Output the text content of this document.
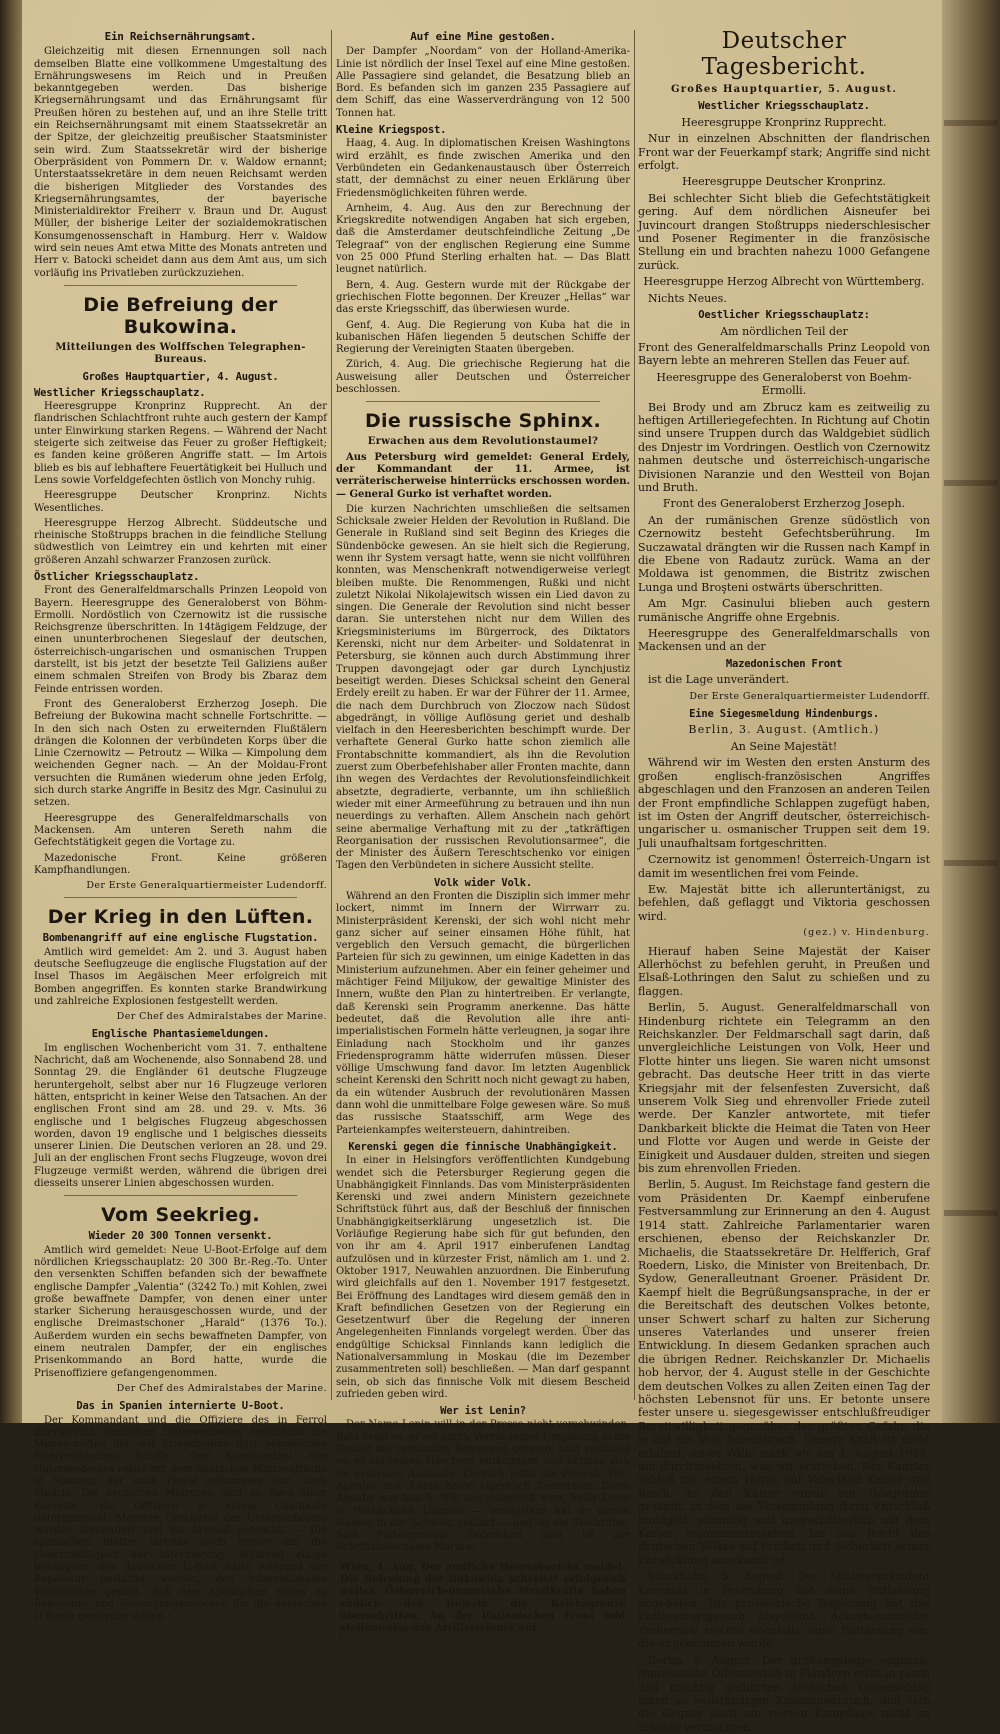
Ein Reichsernährungsamt.

Gleichzeitig mit diesen Ernennungen soll nach demselben Blatte eine vollkommene Umgestaltung des Ernährungswesens im Reich und in Preußen bekanntgegeben werden. Das bisherige Kriegsernährungsamt und das Ernährungsamt für Preußen hören zu bestehen auf, und an ihre Stelle tritt ein Reichsernährungsamt mit einem Staatssekretär an der Spitze, der gleichzeitig preußischer Staatsminister sein wird. Zum Staatssekretär wird der bisherige Oberpräsident von Pommern Dr. v. Waldow ernannt; Unterstaatssekretäre in dem neuen Reichsamt werden die bisherigen Mitglieder des Vorstandes des Kriegsernährungsamtes, der bayerische Ministerialdirektor Freiherr v. Braun und Dr. August Müller, der bisherige Leiter der sozialdemokratischen Konsumgenossenschaft in Hamburg. Herr v. Waldow wird sein neues Amt etwa Mitte des Monats antreten und Herr v. Batocki scheidet dann aus dem Amt aus, um sich vorläufig ins Privatleben zurückzuziehen.

Die Befreiung der Bukowina.
Mitteilungen des Wolffschen Telegraphen-Bureaus.
Großes Hauptquartier, 4. August.
Westlicher Kriegsschauplatz.

Heeresgruppe Kronprinz Rupprecht. An der flandrischen Schlachtfront ruhte auch gestern der Kampf unter Einwirkung starken Regens. — Während der Nacht steigerte sich zeitweise das Feuer zu großer Heftigkeit; es fanden keine größeren Angriffe statt. — Im Artois blieb es bis auf lebhaftere Feuertätigkeit bei Hulluch und Lens sowie Vorfeldgefechten östlich von Monchy ruhig.

Heeresgruppe Deutscher Kronprinz. Nichts Wesentliches.

Heeresgruppe Herzog Albrecht. Süddeutsche und rheinische Stoßtrupps brachen in die feindliche Stellung südwestlich von Leimtrey ein und kehrten mit einer größeren Anzahl schwarzer Franzosen zurück.

Östlicher Kriegsschauplatz.

Front des Generalfeldmarschalls Prinzen Leopold von Bayern. Heeresgruppe des Generaloberst von Böhm-Ermolli. Nordöstlich von Czernowitz ist die russische Reichsgrenze überschritten. In 14tägigem Feldzuge, der einen ununterbrochenen Siegeslauf der deutschen, österreichisch-ungarischen und osmanischen Truppen darstellt, ist bis jetzt der besetzte Teil Galiziens außer einem schmalen Streifen von Brody bis Zbaraz dem Feinde entrissen worden.

Front des Generaloberst Erzherzog Joseph. Die Befreiung der Bukowina macht schnelle Fortschritte. — In den sich nach Osten zu erweiternden Flußtälern drängen die Kolonnen der verbündeten Korps über die Linie Czernowitz — Petroutz — Wilka — Kimpolung dem weichenden Gegner nach. — An der Moldau-Front versuchten die Rumänen wiederum ohne jeden Erfolg, sich durch starke Angriffe in Besitz des Mgr. Casinului zu setzen.

Heeresgruppe des Generalfeldmarschalls von Mackensen. Am unteren Sereth nahm die Gefechtstätigkeit gegen die Vortage zu.

Mazedonische Front. Keine größeren Kampfhandlungen.

Der Erste Generalquartiermeister Ludendorff.
Der Krieg in den Lüften.
Bombenangriff auf eine englische Flugstation.

Amtlich wird gemeldet: Am 2. und 3. August haben deutsche Seeflugzeuge die englische Flugstation auf der Insel Thasos im Aegäischen Meer erfolgreich mit Bomben angegriffen. Es konnten starke Brandwirkung und zahlreiche Explosionen festgestellt werden.

Der Chef des Admiralstabes der Marine.
Englische Phantasiemeldungen.

Im englischen Wochenbericht vom 31. 7. enthaltene Nachricht, daß am Wochenende, also Sonnabend 28. und Sonntag 29. die Engländer 61 deutsche Flugzeuge heruntergeholt, selbst aber nur 16 Flugzeuge verloren hätten, entspricht in keiner Weise den Tatsachen. An der englischen Front sind am 28. und 29. v. Mts. 36 englische und 1 belgisches Flugzeug abgeschossen worden, davon 19 englische und 1 belgisches diesseits unserer Linien. Die Deutschen verloren an 28. und 29. Juli an der englischen Front sechs Flugzeuge, wovon drei Flugzeuge vermißt werden, während die übrigen drei diesseits unserer Linien abgeschossen wurden.

Vom Seekrieg.
Wieder 20 300 Tonnen versenkt.

Amtlich wird gemeldet: Neue U-Boot-Erfolge auf dem nördlichen Kriegsschauplatz: 20 300 Br.-Reg.-To. Unter den versenkten Schiffen befanden sich der bewaffnete englische Dampfer „Valentia“ (3242 To.) mit Kohlen, zwei große bewaffnete Dampfer, von denen einer unter starker Sicherung herausgeschossen wurde, und der englische Dreimastschoner „Harald“ (1376 To.). Außerdem wurden ein sechs bewaffneten Dampfer, von einem neutralen Dampfer, der ein englisches Prisenkommando an Bord hatte, wurde die Prisenoffiziere gefangengenommen.

Der Chef des Admiralstabes der Marine.
Das in Spanien internierte U-Boot.

Der Kommandant und die Offiziere des in Ferrol internierten deutschen Unterseebootes besuchten die Mannschaften der seit Kriegsbeginn dort befindlichen österreichischen Schiffe. Der Kommandant des Unterseebootes reiste mit dem deutschen Marineattaché in Spanien, der nach Ferrol gekommen war, nach Madrid. Die deutschen Matrosen sind an Bord einer Korvette, die Offiziere in einem Gasthaufe untergebracht. Mehrere Geschütze des Unterseebootes wurden abmontiert und ins Arsenal gebracht. — Die spanischen Blätter streiten noch immer um die Gesetzmäßigkeit der Internierung. Während einige behaupten, den deutschen U-Boot hätte während der Reparatur gestattet werden, den internationalen Vorschriften gemäß, daß dem spanischen Häfen zu Reparatur- und Versorgungszwecken für die deutschen U-Boote geworden wären.

Auf eine Mine gestoßen.

Der Dampfer „Noordam“ von der Holland-Amerika-Linie ist nördlich der Insel Texel auf eine Mine gestoßen. Alle Passagiere sind gelandet, die Besatzung blieb an Bord. Es befanden sich im ganzen 235 Passagiere auf dem Schiff, das eine Wasserverdrängung von 12 500 Tonnen hat.

Kleine Kriegspost.

Haag, 4. Aug. In diplomatischen Kreisen Washingtons wird erzählt, es finde zwischen Amerika und den Verbündeten ein Gedankenaustausch über Österreich statt, der demnächst zu einer neuen Erklärung über Friedensmöglichkeiten führen werde.

Arnheim, 4. Aug. Aus den zur Berechnung der Kriegskredite notwendigen Angaben hat sich ergeben, daß die Amsterdamer deutschfeindliche Zeitung „De Telegraaf“ von der englischen Regierung eine Summe von 25 000 Pfund Sterling erhalten hat. — Das Blatt leugnet natürlich.

Bern, 4. Aug. Gestern wurde mit der Rückgabe der griechischen Flotte begonnen. Der Kreuzer „Hellas“ war das erste Kriegsschiff, das überwiesen wurde.

Genf, 4. Aug. Die Regierung von Kuba hat die in kubanischen Häfen liegenden 5 deutschen Schiffe der Regierung der Vereinigten Staaten übergeben.

Zürich, 4. Aug. Die griechische Regierung hat die Ausweisung aller Deutschen und Österreicher beschlossen.

Die russische Sphinx.
Erwachen aus dem Revolutionstaumel?

Aus Petersburg wird gemeldet: General Erdely, der Kommandant der 11. Armee, ist verräterischerweise hinterrücks erschossen worden. — General Gurko ist verhaftet worden.

Die kurzen Nachrichten umschließen die seltsamen Schicksale zweier Helden der Revolution in Rußland. Die Generale in Rußland sind seit Beginn des Krieges die Sündenböcke gewesen. An sie hielt sich die Regierung, wenn ihr System versagt hatte, wenn sie nicht vollführen konnten, was Menschenkraft notwendigerweise verlegt bleiben mußte. Die Renommengen, Rußki und nicht zuletzt Nikolai Nikolajewitsch wissen ein Lied davon zu singen. Die Generale der Revolution sind nicht besser daran. Sie unterstehen nicht nur dem Willen des Kriegsministeriums im Bürgerrock, des Diktators Kerenski, nicht nur dem Arbeiter- und Soldatenrat in Petersburg, sie können auch durch Abstimmung ihrer Truppen davongejagt oder gar durch Lynchjustiz beseitigt werden. Dieses Schicksal scheint den General Erdely ereilt zu haben. Er war der Führer der 11. Armee, die nach dem Durchbruch von Zloczow nach Südost abgedrängt, in völlige Auflösung geriet und deshalb vielfach in den Heeresberichten beschimpft wurde. Der verhaftete General Gurko hatte schon ziemlich alle Frontabschnitte kommandiert, als ihn die Revolution zuerst zum Oberbefehlshaber aller Fronten machte, dann ihn wegen des Verdachtes der Revolutionsfeindlichkeit absetzte, degradierte, verbannte, um ihn schließlich wieder mit einer Armeeführung zu betrauen und ihn nun neuerdings zu verhaften. Allem Anschein nach gehört seine abermalige Verhaftung mit zu der „tatkräftigen Reorganisation der russischen Revolutionsarmee“, die der Minister des Äußern Tereschtschenko vor einigen Tagen den Verbündeten in sichere Aussicht stellte.

Volk wider Volk.

Während an den Fronten die Disziplin sich immer mehr lockert, nimmt im Innern der Wirrwarr zu. Ministerpräsident Kerenski, der sich wohl nicht mehr ganz sicher auf seiner einsamen Höhe fühlt, hat vergeblich den Versuch gemacht, die bürgerlichen Parteien für sich zu gewinnen, um einige Kadetten in das Ministerium aufzunehmen. Aber ein feiner geheimer und mächtiger Feind Miljukow, der gewaltige Minister des Innern, wußte den Plan zu hintertreiben. Er verlangte, daß Kerenski sein Programm anerkenne. Das hätte bedeutet, daß die Revolution alle ihre anti-imperialistischen Formeln hätte verleugnen, ja sogar ihre Einladung nach Stockholm und ihr ganzes Friedensprogramm hätte widerrufen müssen. Dieser völlige Umschwung fand davor. Im letzten Augenblick scheint Kerenski den Schritt noch nicht gewagt zu haben, da ein wütender Ausbruch der revolutionären Massen dann wohl die unmittelbare Folge gewesen wäre. So muß das russische Staatsschiff, arm Wege des Parteienkampfes weitersteuern, dahintreiben.

Kerenski gegen die finnische Unabhängigkeit.

In einer in Helsingfors veröffentlichten Kundgebung wendet sich die Petersburger Regierung gegen die Unabhängigkeit Finnlands. Das vom Ministerpräsidenten Kerenski und zwei andern Ministern gezeichnete Schriftstück führt aus, daß der Beschluß der finnischen Unabhängigkeitserklärung ungesetzlich ist. Die Vorläufige Regierung habe sich für gut befunden, den von ihr am 4. April 1917 einberufenen Landtag aufzulösen und in kürzester Frist, nämlich am 1. und 2. Oktober 1917, Neuwahlen anzuordnen. Die Einberufung wird gleichfalls auf den 1. November 1917 festgesetzt. Bei Eröffnung des Landtages wird diesem gemäß den in Kraft befindlichen Gesetzen von der Regierung ein Gesetzentwurf über die Regelung der inneren Angelegenheiten Finnlands vorgelegt werden. Über das endgültige Schicksal Finnlands kann lediglich die Nationalversammlung in Moskau (die im Dezember zusammentreten soll) beschließen. — Man darf gespannt sein, ob sich das finnische Volk mit diesem Bescheid zufrieden geben wird.

Wer ist Lenin?

Der Name Lenin will in der Presse nicht verschwinden. Bald heißt es, er sei durch Verrat seiner Umgebung in die Gewalt der russischen Regierung geraten, bald verlautet es, er sei seinen Häschern entkommen und befinde sich im neutralen Auslande. Kürzlich teilte die Petersb. Tel.-Agentur mit: Lenin heiße eigentlich Zederblum. Diese Angabe war falsch. Wie uns mitgeteilt wird, heißt Lenin in Wirklichkeit Ulianow — wenigstens hat er diesen Namen in der Schweiz geführt — und ist ein Stockrufse. Sein Parteigenosse Zederblum aber ist der Schriftstellername Martow.

Wien, 4. Aug. Der amtliche Heeresbericht meldet: Die Befreiung der Bukowina schreitet erfolgreich weiter. Österreich-ungarische Streitkräfte haben südlich des Dnjestr die Reichsgrenze überschritten. An der italienischen Front lebt stellenweise das Artilleriefeuer auf.

Deutscher Tagesbericht.
Großes Hauptquartier, 5. August.
Westlicher Kriegsschauplatz.

Heeresgruppe Kronprinz Rupprecht.

Nur in einzelnen Abschnitten der flandrischen Front war der Feuerkampf stark; Angriffe sind nicht erfolgt.

Heeresgruppe Deutscher Kronprinz.

Bei schlechter Sicht blieb die Gefechtstätigkeit gering. Auf dem nördlichen Aisneufer bei Juvincourt drangen Stoßtrupps niederschlesischer und Posener Regimenter in die französische Stellung ein und brachten nahezu 1000 Gefangene zurück.

Heeresgruppe Herzog Albrecht von Württemberg.

Nichts Neues.

Oestlicher Kriegsschauplatz:

Am nördlichen Teil der

Front des Generalfeldmarschalls Prinz Leopold von Bayern lebte an mehreren Stellen das Feuer auf.

Heeresgruppe des Generaloberst von Boehm-Ermolli.

Bei Brody und am Zbrucz kam es zeitweilig zu heftigen Artilleriegefechten. In Richtung auf Chotin sind unsere Truppen durch das Waldgebiet südlich des Dnjestr im Vordringen. Oestlich von Czernowitz nahmen deutsche und österreichisch-ungarische Divisionen Naranzie und den Westteil von Bojan und Bruth.

Front des Generaloberst Erzherzog Joseph.

An der rumänischen Grenze südöstlich von Czernowitz besteht Gefechtsberührung. Im Suczawatal drängten wir die Russen nach Kampf in die Ebene von Radautz zurück. Wama an der Moldawa ist genommen, die Bistritz zwischen Lunga und Broşteni ostwärts überschritten.

Am Mgr. Casinului blieben auch gestern rumänische Angriffe ohne Ergebnis.

Heeresgruppe des Generalfeldmarschalls von Mackensen und an der

Mazedonischen Front

ist die Lage unverändert.

Der Erste Generalquartiermeister Ludendorff.
Eine Siegesmeldung Hindenburgs.

Berlin, 3. August. (Amtlich.)

An Seine Majestät!

Während wir im Westen den ersten Ansturm des großen englisch-französischen Angriffes abgeschlagen und den Franzosen an anderen Teilen der Front empfindliche Schlappen zugefügt haben, ist im Osten der Angriff deutscher, österreichisch-ungarischer u. osmanischer Truppen seit dem 19. Juli unaufhaltsam fortgeschritten.

Czernowitz ist genommen! Österreich-Ungarn ist damit im wesentlichen frei vom Feinde.

Ew. Majestät bitte ich alleruntertänigst, zu befehlen, daß geflaggt und Viktoria geschossen wird.

(gez.) v. Hindenburg.

Hierauf haben Seine Majestät der Kaiser Allerhöchst zu befehlen geruht, in Preußen und Elsaß-Lothringen den Salut zu schießen und zu flaggen.

Berlin, 5. August. Generalfeldmarschall von Hindenburg richtete ein Telegramm an den Reichskanzler. Der Feldmarschall sagt darin, daß unvergleichliche Leistungen von Volk, Heer und Flotte hinter uns liegen. Sie waren nicht umsonst gebracht. Das deutsche Heer tritt in das vierte Kriegsjahr mit der felsenfesten Zuversicht, daß unserem Volk Sieg und ehrenvoller Friede zuteil werde. Der Kanzler antwortete, mit tiefer Dankbarkeit blickte die Heimat die Taten von Heer und Flotte vor Augen und werde in Geiste der Einigkeit und Ausdauer dulden, streiten und siegen bis zum ehrenvollen Frieden.

Berlin, 5. August. Im Reichstage fand gestern die vom Präsidenten Dr. Kaempf einberufene Festversammlung zur Erinnerung an den 4. August 1914 statt. Zahlreiche Parlamentarier waren erschienen, ebenso der Reichskanzler Dr. Michaelis, die Staatssekretäre Dr. Helfferich, Graf Roedern, Lisko, die Minister von Breitenbach, Dr. Sydow, Generalleutnant Groener. Präsident Dr. Kaempf hielt die Begrüßungsansprache, in der er die Bereitschaft des deutschen Volkes betonte, unser Schwert scharf zu halten zur Sicherung unseres Vaterlandes und unserer freien Entwicklung. In diesem Gedanken sprachen auch die übrigen Redner. Reichskanzler Dr. Michaelis hob hervor, der 4. August stelle in der Geschichte dem deutschen Volkes zu allen Zeiten einen Tag der höchsten Lebensnot für uns. Er betonte unsere fester unsere u. siegesgewisser entschlußfreudiger Bereitwilligkeit gegenüber der größten Gefahr, die je auf ein Volk hereinbrach. Unsere Kraft ist nicht erlahmt, unser Wille stark wie am 4. August 1914, um durchzusetzen, was wir erstreben. Der Kanzler schloß mit einem Hurra auf Vaterland Kaiser und Reich. An den Kaiser wurde ein Telegramm gesandt, in dem die Versammlung ihren Entschluß kundgibt, einmütig und unerschütterlich mit dem Kaiser zusammenzustehen, bis das Recht des deutschen Volkes auf Freiheit und Sicherheit seiner Entwicklung anerkannt ist.

Stockholm, 5. August. Der Ministerpräsident Kerenski in Petersburg hat seine Entlassung angeboten. Die provisorische Regierung hat das Entlassungsgesuch abgelehnt. Ackerbauminister Tschernow reichte ebenfalls seine Entlassung ein, die angenommen wurde.

Berlin, 5. August. Der großangelegte englisch-französische Offensivstoß in Flandern erlitt in rasch und mächtig geführten deutschen Gegenschlag einen so vollständigen Zusammenbruch, daß sich die Gegner auch am vierten Kampftage nicht zu erholen vermochten.
